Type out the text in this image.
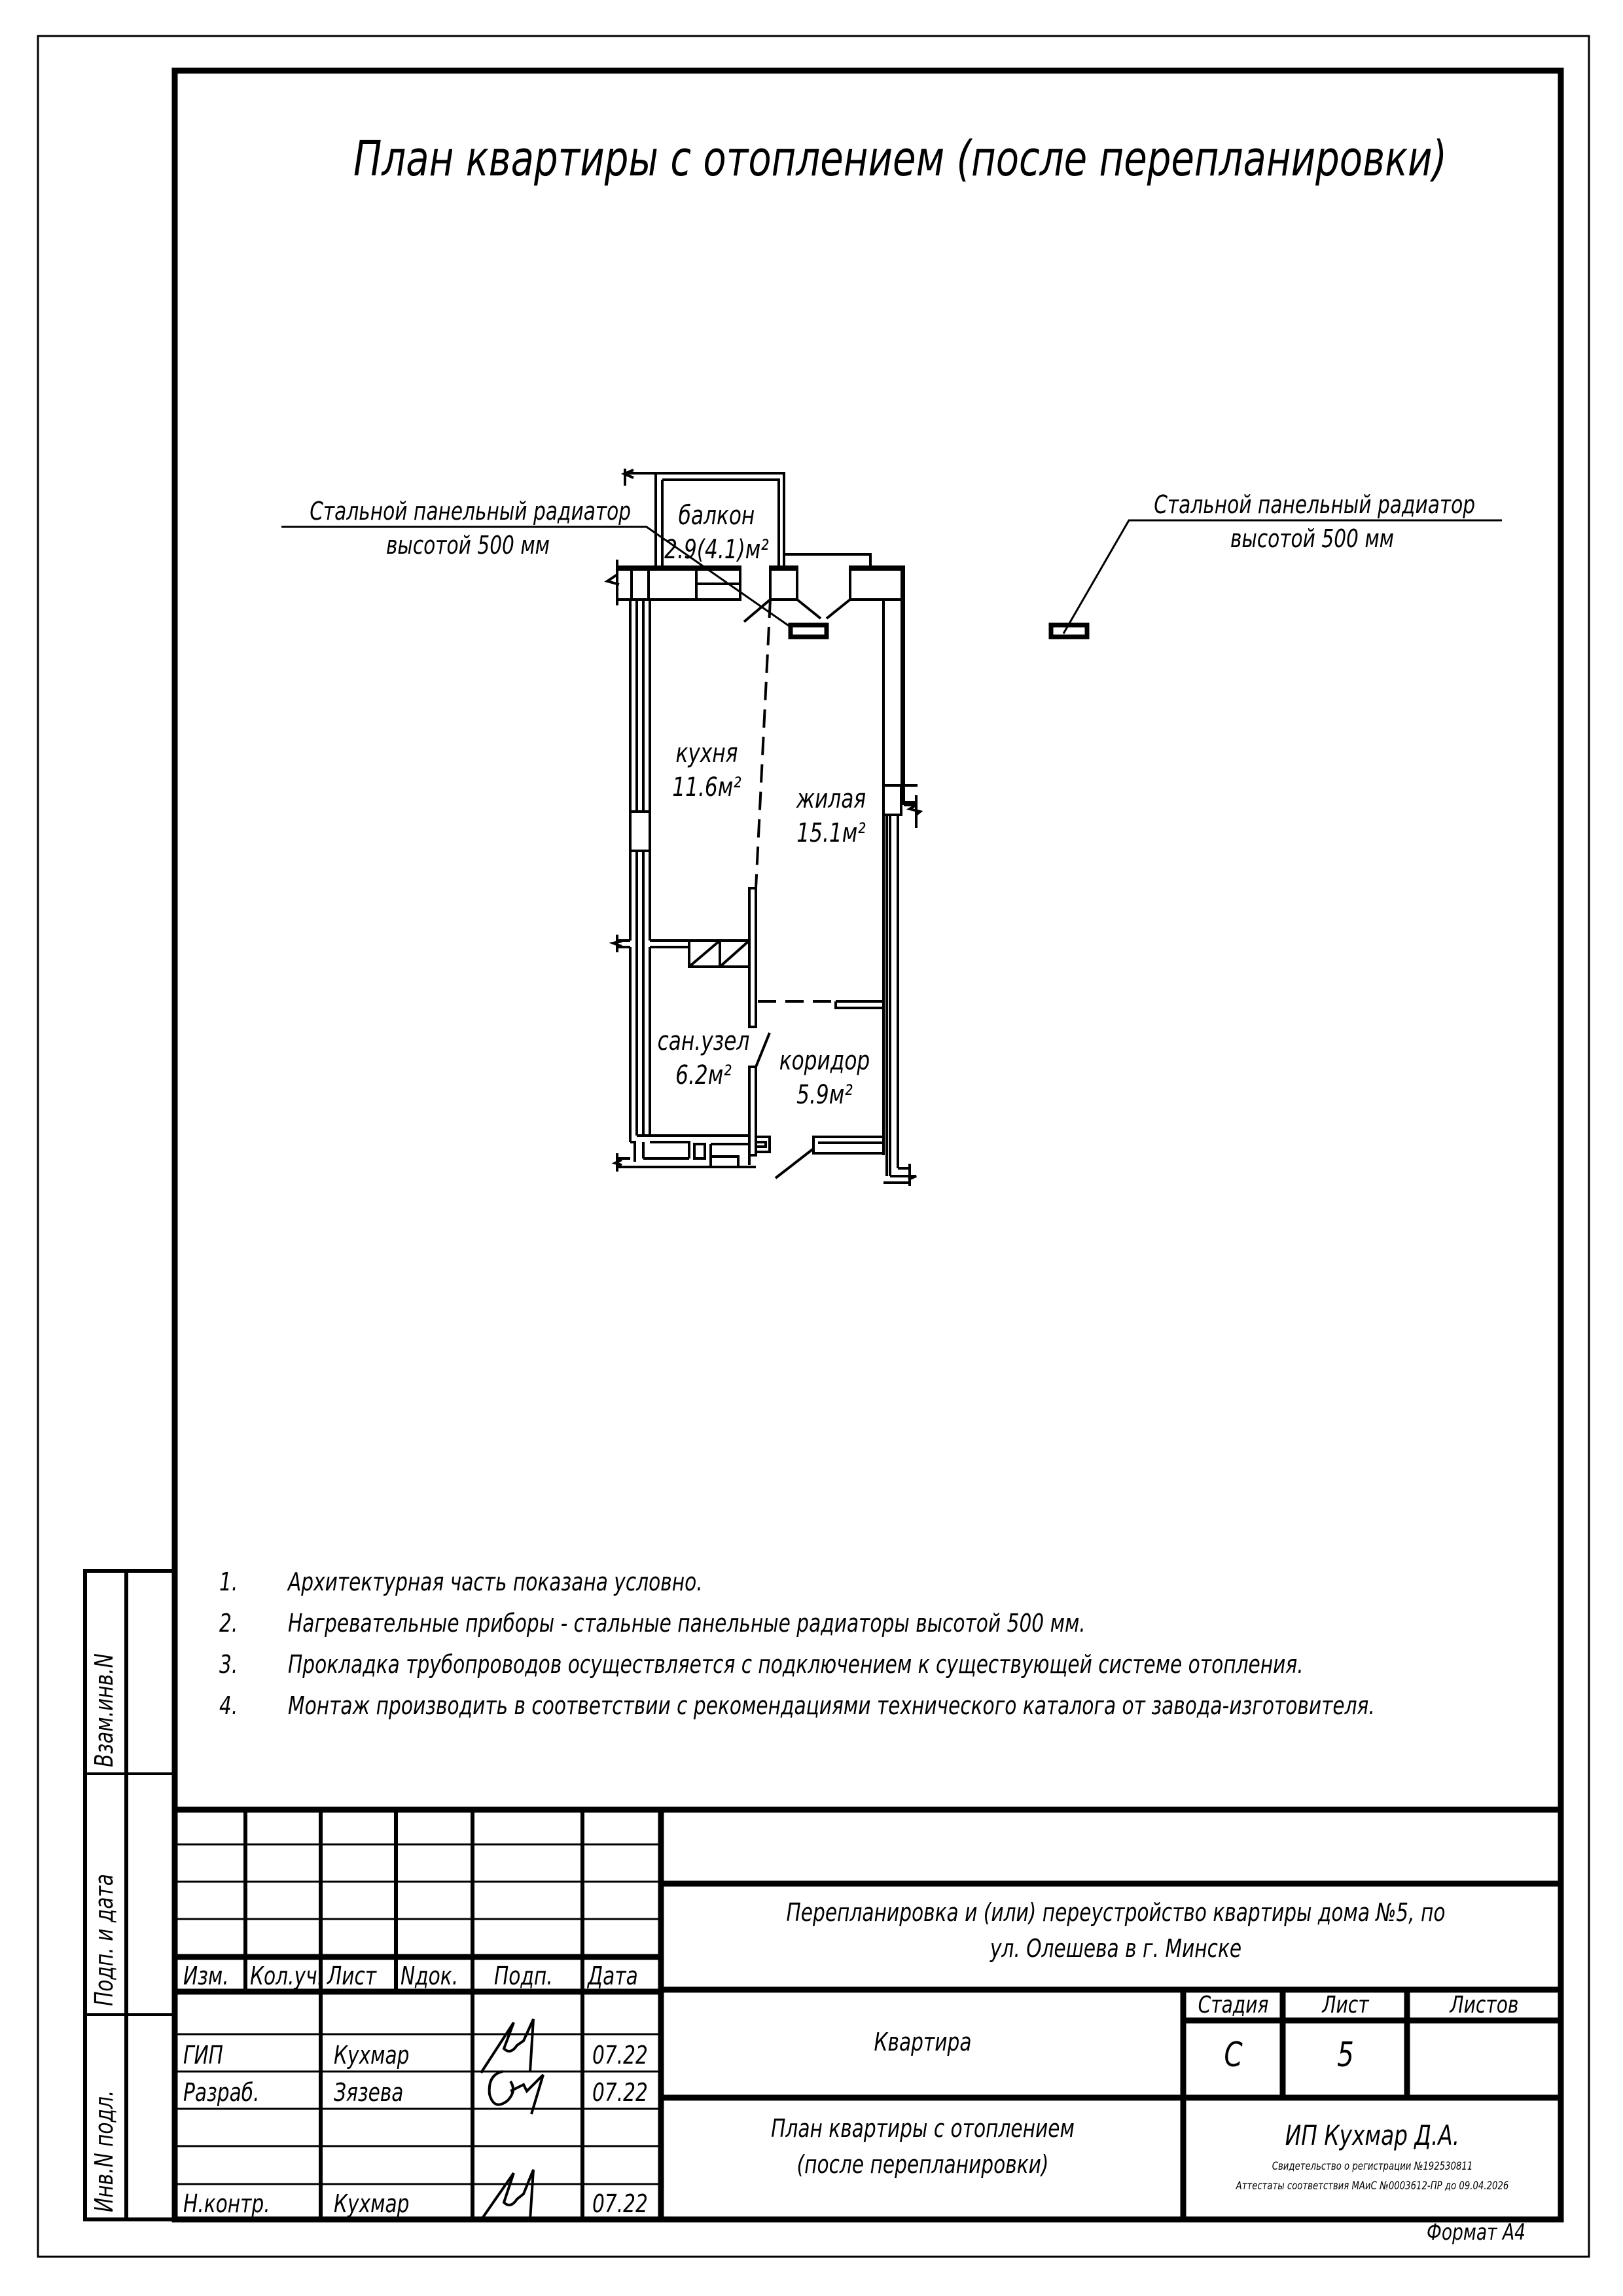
План квартиры с отоплением (после перепланировки)
Стальной панельный радиатор
высотой 500 мм
Стальной панельный радиатор
высотой 500 мм
балкон
2.9(4.1)м²
кухня
11.6м²	жилая
15.1м²
сан.узел
6.2м²	коридор
5.9м²
1. Архитектурная часть показана условно.
2. Нагревательные приборы - стальные панельные радиаторы высотой 500 мм.
3. Прокладка трубопроводов осуществляется с подключением к существующей системе отопления.
4. Монтаж производить в соответствии с рекомендациями технического каталога от завода-изготовителя.
Взам.инв.N
Подп. и дата
Инв.N подл.
Изм. Кол.уч. Лист Nдок. Подп. Дата
ГИП	Кухмар	07.22
Разраб.	Зязева	07.22
Н.контр.	Кухмар	07.22
Перепланировка и (или) переустройство квартиры дома №5, по
ул. Олешева в г. Минске
Квартира
План квартиры с отоплением
(после перепланировки)
Стадия	Лист	Листов
С	5
ИП Кухмар Д.А.
Свидетельство о регистрации №192530811
Аттестаты соответствия МАиС №0003612-ПР до 09.04.2026
Формат А4
